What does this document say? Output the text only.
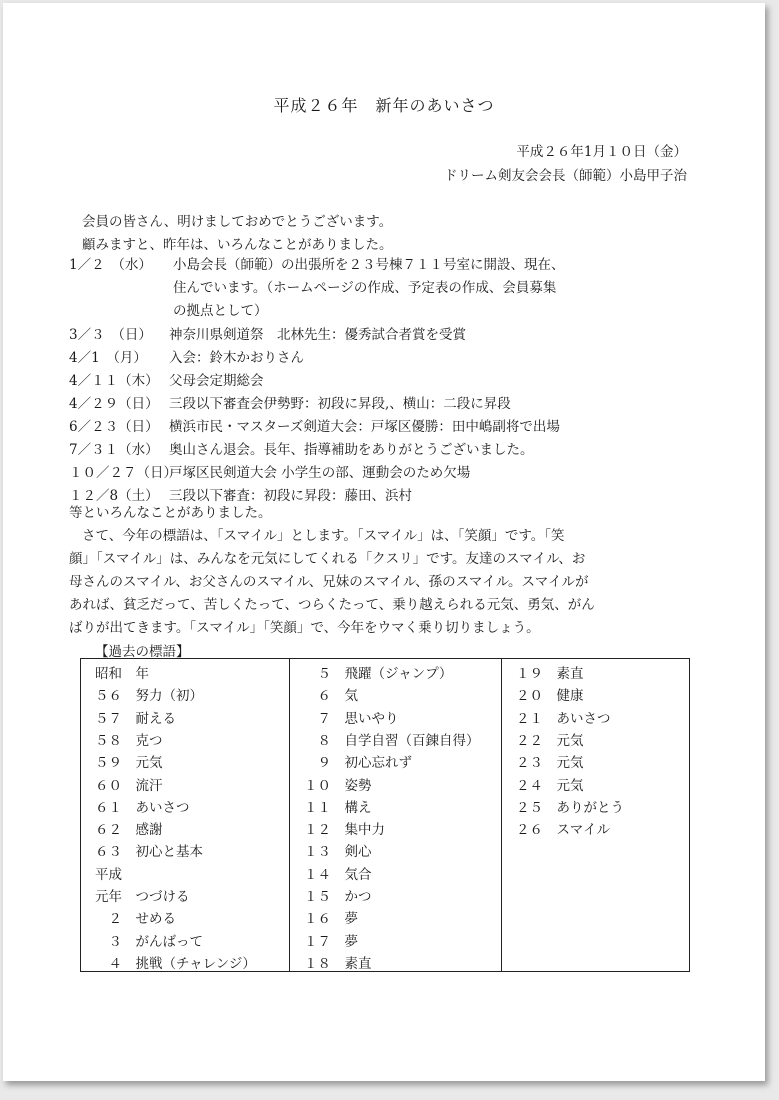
平成２６年　新年のあいさつ
平成２６年1月１０日（金）
ドリーム剣友会会長（師範）小島甲子治
会員の皆さん、明けましておめでとうございます。
顧みますと、昨年は、いろんなことがありました。
1／２　（水） 小島会長（師範）の出張所を２３号棟７１１号室に開設、現在、
住んでいます。（ホームページの作成、予定表の作成、会員募集
の拠点として）
3／３　（日） 神奈川県剣道祭　北林先生：優秀試合者賞を受賞
4／1　（月） 入会：鈴木かおりさん
4／１１（木） 父母会定期総会
4／２９（日） 三段以下審査会伊勢野：初段に昇段,、横山：二段に昇段
6／２３（日） 横浜市民・マスターズ剣道大会：戸塚区優勝：田中嶋副将で出場
7／３１（水） 奥山さん退会。長年、指導補助をありがとうございました。
１０／２７（日）戸塚区民剣道大会 小学生の部、運動会のため欠場
１２／8（土） 三段以下審査：初段に昇段：藤田、浜村
等といろんなことがありました。
さて、今年の標語は、「スマイル」とします。「スマイル」は、「笑顔」です。「笑
顔」「スマイル」は、みんなを元気にしてくれる「クスリ」です。友達のスマイル、お
母さんのスマイル、お父さんのスマイル、兄妹のスマイル、孫のスマイル。スマイルが
あれば、貧乏だって、苦しくたって、つらくたって、乗り越えられる元気、勇気、がん
ばりが出てきます。「スマイル」「笑顔」で、今年をウマく乗り切りましょう。
【過去の標語】
昭和　年
５６　努力（初）
５７　耐える
５８　克つ
５９　元気
６０　流汗
６１　あいさつ
６２　感謝
６３　初心と基本
平成
元年　つづける
　２　せめる
　３　がんばって
　４　挑戦（チャレンジ）
　５　飛躍（ジャンプ）
　６　気
　７　思いやり
　８　自学自習（百錬自得）
　９　初心忘れず
１０　姿勢
１１　構え
１２　集中力
１３　剣心
１４　気合
１５　かつ
１６　夢
１７　夢
１８　素直
１９　素直
２０　健康
２１　あいさつ
２２　元気
２３　元気
２４　元気
２５　ありがとう
２６　スマイル
